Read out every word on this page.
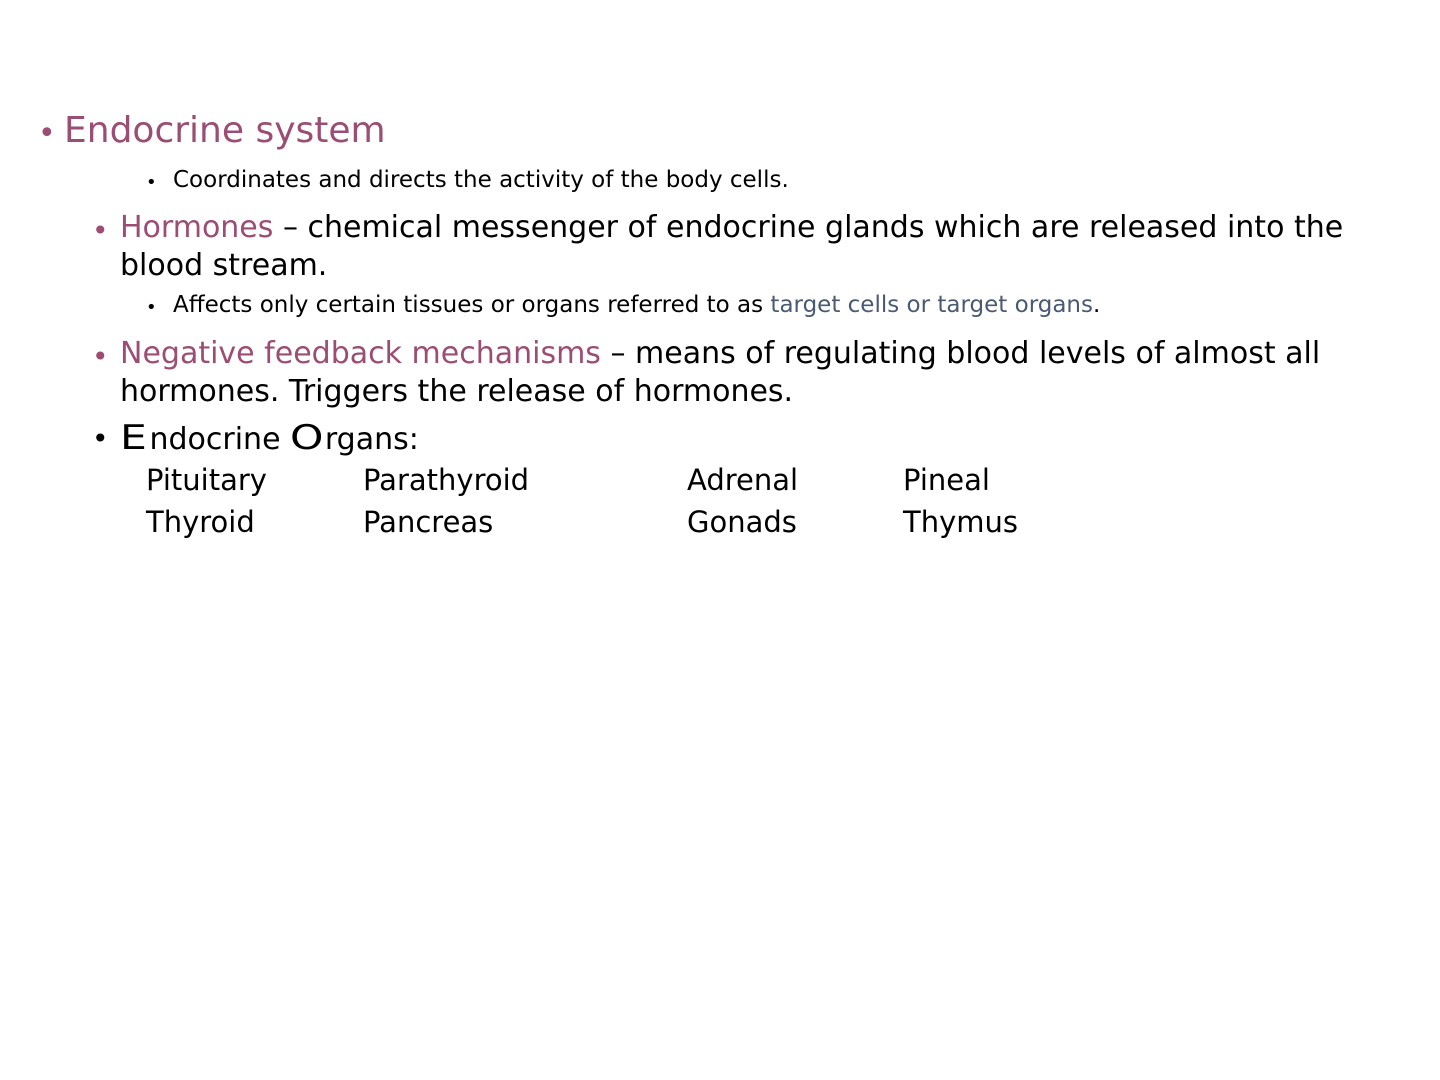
• Endocrine system
• Coordinates and directs the activity of the body cells.
• Hormones – chemical messenger of endocrine glands which are released into the
blood stream.
• Affects only certain tissues or organs referred to as target cells or target organs.
• Negative feedback mechanisms – means of regulating blood levels of almost all
hormones. Triggers the release of hormones.
• Endocrine Organs:
Pituitary	Parathyroid	Adrenal	Pineal
Thyroid	Pancreas	Gonads	Thymus
